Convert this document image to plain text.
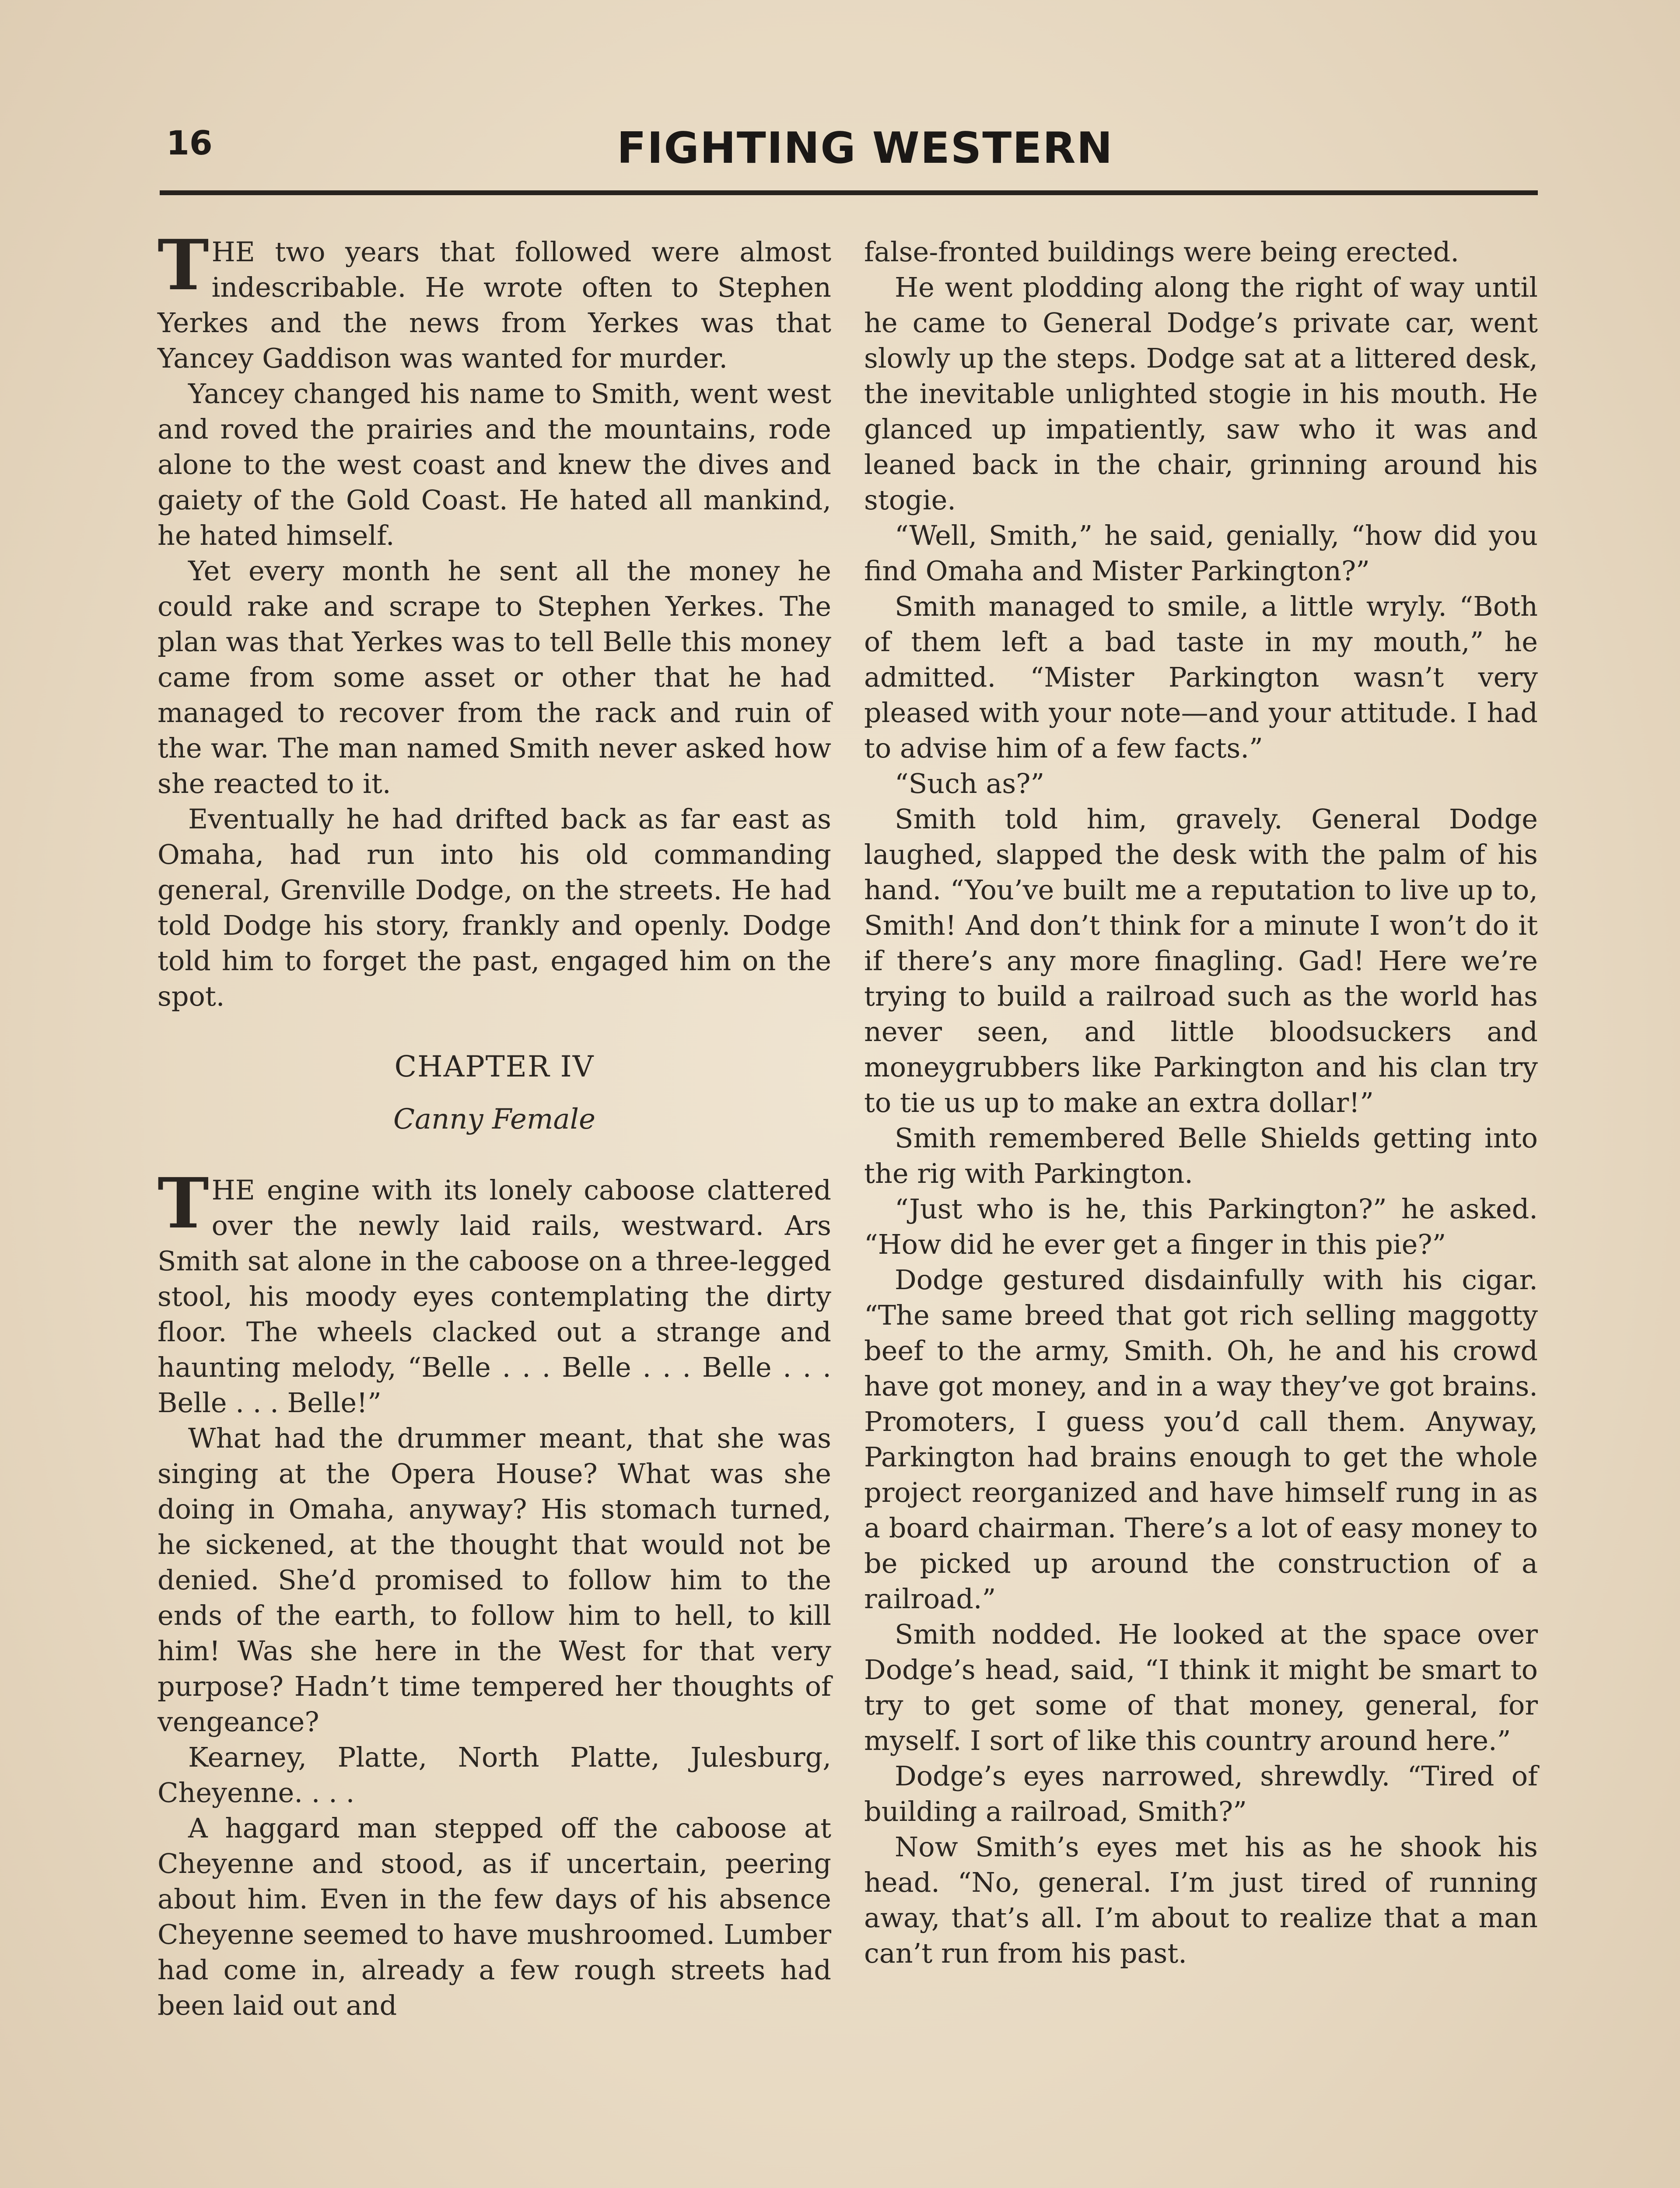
16	FIGHTING WESTERN

THE two years that followed were almost indescribable. He wrote often to Stephen Yerkes and the news from Yerkes was that Yancey Gaddison was wanted for murder.

Yancey changed his name to Smith, went west and roved the prairies and the mountains, rode alone to the west coast and knew the dives and gaiety of the Gold Coast. He hated all mankind, he hated himself.

Yet every month he sent all the money he could rake and scrape to Stephen Yerkes. The plan was that Yerkes was to tell Belle this money came from some asset or other that he had managed to recover from the rack and ruin of the war. The man named Smith never asked how she reacted to it.

Eventually he had drifted back as far east as Omaha, had run into his old commanding general, Grenville Dodge, on the streets. He had told Dodge his story, frankly and openly. Dodge told him to forget the past, engaged him on the spot.

CHAPTER IV
Canny Female

THE engine with its lonely caboose clattered over the newly laid rails, westward. Ars Smith sat alone in the caboose on a three-legged stool, his moody eyes contemplating the dirty floor. The wheels clacked out a strange and haunting melody, “Belle . . . Belle . . . Belle . . . Belle . . . Belle!”

What had the drummer meant, that she was singing at the Opera House? What was she doing in Omaha, anyway? His stomach turned, he sickened, at the thought that would not be denied. She’d promised to follow him to the ends of the earth, to follow him to hell, to kill him! Was she here in the West for that very purpose? Hadn’t time tempered her thoughts of vengeance?

Kearney, Platte, North Platte, Julesburg, Cheyenne. . . .

A haggard man stepped off the caboose at Cheyenne and stood, as if uncertain, peering about him. Even in the few days of his absence Cheyenne seemed to have mushroomed. Lumber had come in, already a few rough streets had been laid out and

false-fronted buildings were being erected.

He went plodding along the right of way until he came to General Dodge’s private car, went slowly up the steps. Dodge sat at a littered desk, the inevitable unlighted stogie in his mouth. He glanced up impatiently, saw who it was and leaned back in the chair, grinning around his stogie.

“Well, Smith,” he said, genially, “how did you find Omaha and Mister Parkington?”

Smith managed to smile, a little wryly. “Both of them left a bad taste in my mouth,” he admitted. “Mister Parkington wasn’t very pleased with your note—and your attitude. I had to advise him of a few facts.”

“Such as?”

Smith told him, gravely. General Dodge laughed, slapped the desk with the palm of his hand. “You’ve built me a reputation to live up to, Smith! And don’t think for a minute I won’t do it if there’s any more finagling. Gad! Here we’re trying to build a railroad such as the world has never seen, and little bloodsuckers and moneygrubbers like Parkington and his clan try to tie us up to make an extra dollar!”

Smith remembered Belle Shields getting into the rig with Parkington.

“Just who is he, this Parkington?” he asked. “How did he ever get a finger in this pie?”

Dodge gestured disdainfully with his cigar. “The same breed that got rich selling maggotty beef to the army, Smith. Oh, he and his crowd have got money, and in a way they’ve got brains. Promoters, I guess you’d call them. Anyway, Parkington had brains enough to get the whole project reorganized and have himself rung in as a board chairman. There’s a lot of easy money to be picked up around the construction of a railroad.”

Smith nodded. He looked at the space over Dodge’s head, said, “I think it might be smart to try to get some of that money, general, for myself. I sort of like this country around here.”

Dodge’s eyes narrowed, shrewdly. “Tired of building a railroad, Smith?”

Now Smith’s eyes met his as he shook his head. “No, general. I’m just tired of running away, that’s all. I’m about to realize that a man can’t run from his past.
